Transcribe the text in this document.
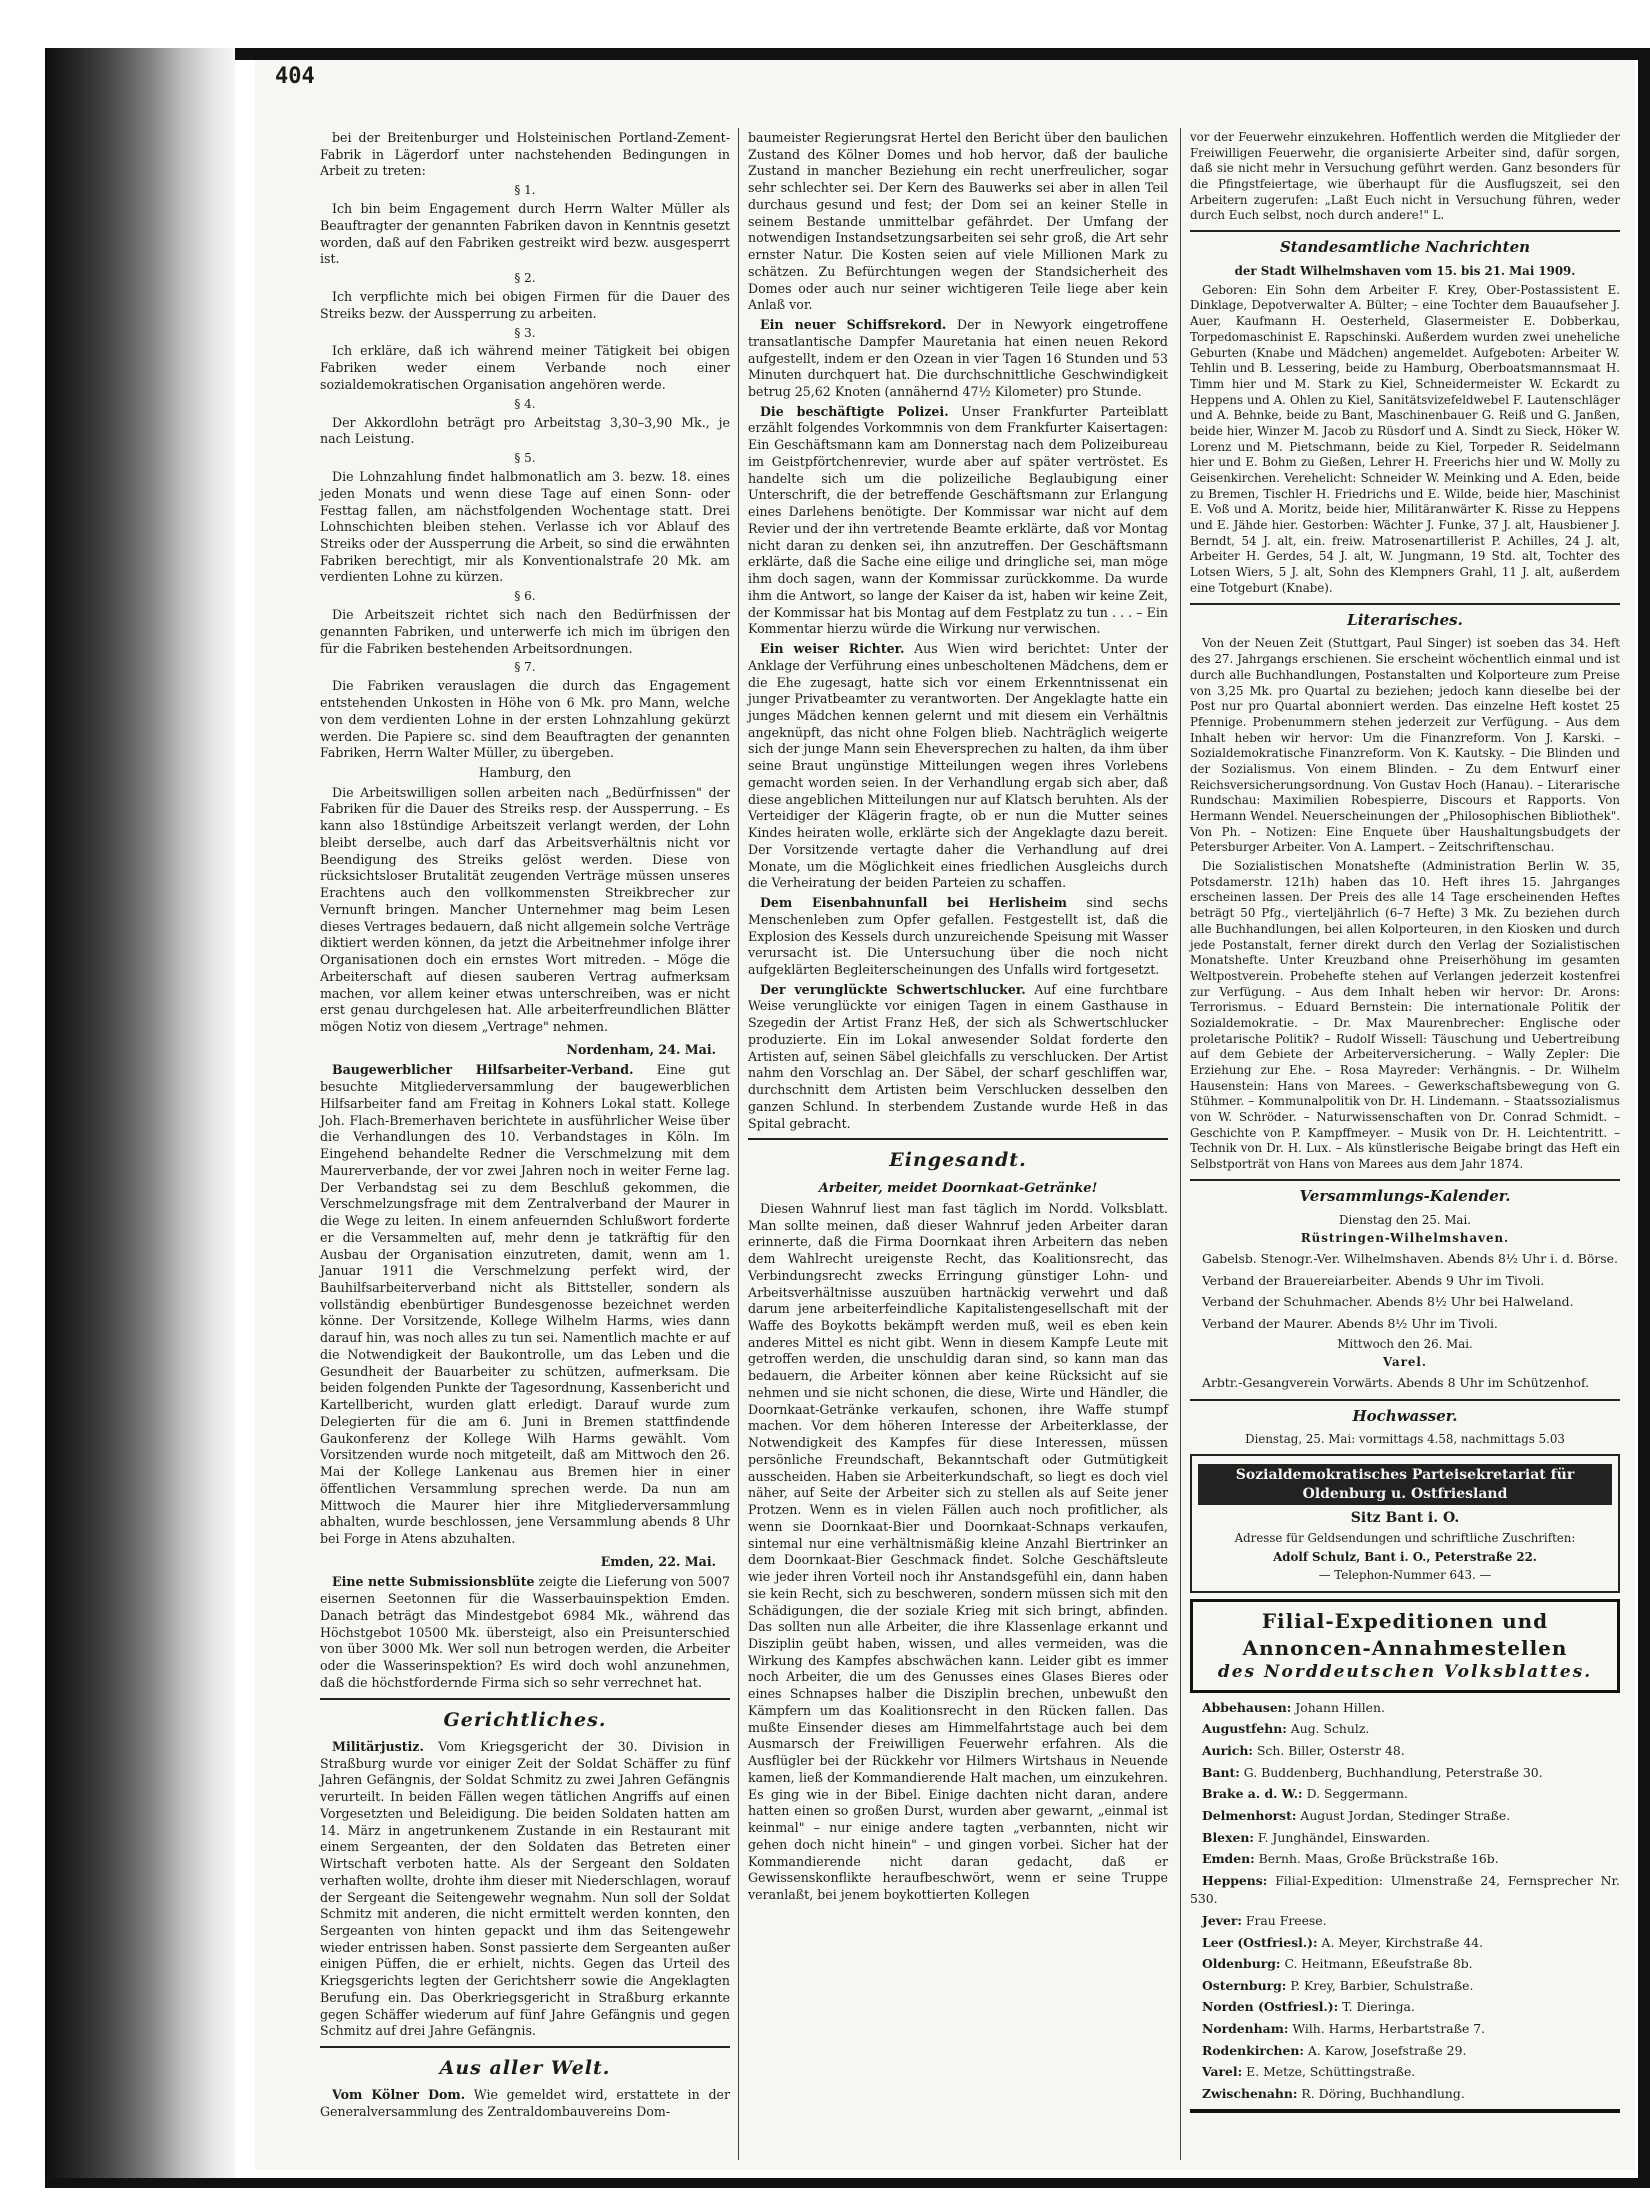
404

bei der Breitenburger und Holsteinischen Portland-Zement-Fabrik in Lägerdorf unter nachstehenden Bedingungen in Arbeit zu treten:

§ 1.

Ich bin beim Engagement durch Herrn Walter Müller als Beauftragter der genannten Fabriken davon in Kenntnis gesetzt worden, daß auf den Fabriken gestreikt wird bezw. ausgesperrt ist.

§ 2.

Ich verpflichte mich bei obigen Firmen für die Dauer des Streiks bezw. der Aussperrung zu arbeiten.

§ 3.

Ich erkläre, daß ich während meiner Tätigkeit bei obigen Fabriken weder einem Verbande noch einer sozialdemokratischen Organisation angehören werde.

§ 4.

Der Akkordlohn beträgt pro Arbeitstag 3,30–3,90 Mk., je nach Leistung.

§ 5.

Die Lohnzahlung findet halbmonatlich am 3. bezw. 18. eines jeden Monats und wenn diese Tage auf einen Sonn- oder Festtag fallen, am nächstfolgenden Wochentage statt. Drei Lohnschichten bleiben stehen. Verlasse ich vor Ablauf des Streiks oder der Aussperrung die Arbeit, so sind die erwähnten Fabriken berechtigt, mir als Konventionalstrafe 20 Mk. am verdienten Lohne zu kürzen.

§ 6.

Die Arbeitszeit richtet sich nach den Bedürfnissen der genannten Fabriken, und unterwerfe ich mich im übrigen den für die Fabriken bestehenden Arbeitsordnungen.

§ 7.

Die Fabriken verauslagen die durch das Engagement entstehenden Unkosten in Höhe von 6 Mk. pro Mann, welche von dem verdienten Lohne in der ersten Lohnzahlung gekürzt werden. Die Papiere sc. sind dem Beauftragten der genannten Fabriken, Herrn Walter Müller, zu übergeben.

Hamburg, den

Die Arbeitswilligen sollen arbeiten nach „Bedürfnissen" der Fabriken für die Dauer des Streiks resp. der Aussperrung. – Es kann also 18stündige Arbeitszeit verlangt werden, der Lohn bleibt derselbe, auch darf das Arbeitsverhältnis nicht vor Beendigung des Streiks gelöst werden. Diese von rücksichtsloser Brutalität zeugenden Verträge müssen unseres Erachtens auch den vollkommensten Streikbrecher zur Vernunft bringen. Mancher Unternehmer mag beim Lesen dieses Vertrages bedauern, daß nicht allgemein solche Verträge diktiert werden können, da jetzt die Arbeitnehmer infolge ihrer Organisationen doch ein ernstes Wort mitreden. – Möge die Arbeiterschaft auf diesen sauberen Vertrag aufmerksam machen, vor allem keiner etwas unterschreiben, was er nicht erst genau durchgelesen hat. Alle arbeiterfreundlichen Blätter mögen Notiz von diesem „Vertrage" nehmen.

Nordenham, 24. Mai.

Baugewerblicher Hilfsarbeiter-Verband. Eine gut besuchte Mitgliederversammlung der baugewerblichen Hilfsarbeiter fand am Freitag in Kohners Lokal statt. Kollege Joh. Flach-Bremerhaven berichtete in ausführlicher Weise über die Verhandlungen des 10. Verbandstages in Köln. Im Eingehend behandelte Redner die Verschmelzung mit dem Maurerverbande, der vor zwei Jahren noch in weiter Ferne lag. Der Verbandstag sei zu dem Beschluß gekommen, die Verschmelzungsfrage mit dem Zentralverband der Maurer in die Wege zu leiten. In einem anfeuernden Schlußwort forderte er die Versammelten auf, mehr denn je tatkräftig für den Ausbau der Organisation einzutreten, damit, wenn am 1. Januar 1911 die Verschmelzung perfekt wird, der Bauhilfsarbeiterverband nicht als Bittsteller, sondern als vollständig ebenbürtiger Bundesgenosse bezeichnet werden könne. Der Vorsitzende, Kollege Wilhelm Harms, wies dann darauf hin, was noch alles zu tun sei. Namentlich machte er auf die Notwendigkeit der Baukontrolle, um das Leben und die Gesundheit der Bauarbeiter zu schützen, aufmerksam. Die beiden folgenden Punkte der Tagesordnung, Kassenbericht und Kartellbericht, wurden glatt erledigt. Darauf wurde zum Delegierten für die am 6. Juni in Bremen stattfindende Gaukonferenz der Kollege Wilh Harms gewählt. Vom Vorsitzenden wurde noch mitgeteilt, daß am Mittwoch den 26. Mai der Kollege Lankenau aus Bremen hier in einer öffentlichen Versammlung sprechen werde. Da nun am Mittwoch die Maurer hier ihre Mitgliederversammlung abhalten, wurde beschlossen, jene Versammlung abends 8 Uhr bei Forge in Atens abzuhalten.

Emden, 22. Mai.

Eine nette Submissionsblüte zeigte die Lieferung von 5007 eisernen Seetonnen für die Wasserbauinspektion Emden. Danach beträgt das Mindestgebot 6984 Mk., während das Höchstgebot 10500 Mk. übersteigt, also ein Preisunterschied von über 3000 Mk. Wer soll nun betrogen werden, die Arbeiter oder die Wasserinspektion? Es wird doch wohl anzunehmen, daß die höchstfordernde Firma sich so sehr verrechnet hat.

Gerichtliches.

Militärjustiz. Vom Kriegsgericht der 30. Division in Straßburg wurde vor einiger Zeit der Soldat Schäffer zu fünf Jahren Gefängnis, der Soldat Schmitz zu zwei Jahren Gefängnis verurteilt. In beiden Fällen wegen tätlichen Angriffs auf einen Vorgesetzten und Beleidigung. Die beiden Soldaten hatten am 14. März in angetrunkenem Zustande in ein Restaurant mit einem Sergeanten, der den Soldaten das Betreten einer Wirtschaft verboten hatte. Als der Sergeant den Soldaten verhaften wollte, drohte ihm dieser mit Niederschlagen, worauf der Sergeant die Seitengewehr wegnahm. Nun soll der Soldat Schmitz mit anderen, die nicht ermittelt werden konnten, den Sergeanten von hinten gepackt und ihm das Seitengewehr wieder entrissen haben. Sonst passierte dem Sergeanten außer einigen Püffen, die er erhielt, nichts. Gegen das Urteil des Kriegsgerichts legten der Gerichtsherr sowie die Angeklagten Berufung ein. Das Oberkriegsgericht in Straßburg erkannte gegen Schäffer wiederum auf fünf Jahre Gefängnis und gegen Schmitz auf drei Jahre Gefängnis.

Aus aller Welt.

Vom Kölner Dom. Wie gemeldet wird, erstattete in der Generalversammlung des Zentraldombauvereins Dom-

baumeister Regierungsrat Hertel den Bericht über den baulichen Zustand des Kölner Domes und hob hervor, daß der bauliche Zustand in mancher Beziehung ein recht unerfreulicher, sogar sehr schlechter sei. Der Kern des Bauwerks sei aber in allen Teil durchaus gesund und fest; der Dom sei an keiner Stelle in seinem Bestande unmittelbar gefährdet. Der Umfang der notwendigen Instandsetzungsarbeiten sei sehr groß, die Art sehr ernster Natur. Die Kosten seien auf viele Millionen Mark zu schätzen. Zu Befürchtungen wegen der Standsicherheit des Domes oder auch nur seiner wichtigeren Teile liege aber kein Anlaß vor.

Ein neuer Schiffsrekord. Der in Newyork eingetroffene transatlantische Dampfer Mauretania hat einen neuen Rekord aufgestellt, indem er den Ozean in vier Tagen 16 Stunden und 53 Minuten durchquert hat. Die durchschnittliche Geschwindigkeit betrug 25,62 Knoten (annähernd 47½ Kilometer) pro Stunde.

Die beschäftigte Polizei. Unser Frankfurter Parteiblatt erzählt folgendes Vorkommnis von dem Frankfurter Kaisertagen: Ein Geschäftsmann kam am Donnerstag nach dem Polizeibureau im Geistpförtchenrevier, wurde aber auf später vertröstet. Es handelte sich um die polizeiliche Beglaubigung einer Unterschrift, die der betreffende Geschäftsmann zur Erlangung eines Darlehens benötigte. Der Kommissar war nicht auf dem Revier und der ihn vertretende Beamte erklärte, daß vor Montag nicht daran zu denken sei, ihn anzutreffen. Der Geschäftsmann erklärte, daß die Sache eine eilige und dringliche sei, man möge ihm doch sagen, wann der Kommissar zurückkomme. Da wurde ihm die Antwort, so lange der Kaiser da ist, haben wir keine Zeit, der Kommissar hat bis Montag auf dem Festplatz zu tun . . . – Ein Kommentar hierzu würde die Wirkung nur verwischen.

Ein weiser Richter. Aus Wien wird berichtet: Unter der Anklage der Verführung eines unbescholtenen Mädchens, dem er die Ehe zugesagt, hatte sich vor einem Erkenntnissenat ein junger Privatbeamter zu verantworten. Der Angeklagte hatte ein junges Mädchen kennen gelernt und mit diesem ein Verhältnis angeknüpft, das nicht ohne Folgen blieb. Nachträglich weigerte sich der junge Mann sein Eheversprechen zu halten, da ihm über seine Braut ungünstige Mitteilungen wegen ihres Vorlebens gemacht worden seien. In der Verhandlung ergab sich aber, daß diese angeblichen Mitteilungen nur auf Klatsch beruhten. Als der Verteidiger der Klägerin fragte, ob er nun die Mutter seines Kindes heiraten wolle, erklärte sich der Angeklagte dazu bereit. Der Vorsitzende vertagte daher die Verhandlung auf drei Monate, um die Möglichkeit eines friedlichen Ausgleichs durch die Verheiratung der beiden Parteien zu schaffen.

Dem Eisenbahnunfall bei Herlisheim sind sechs Menschenleben zum Opfer gefallen. Festgestellt ist, daß die Explosion des Kessels durch unzureichende Speisung mit Wasser verursacht ist. Die Untersuchung über die noch nicht aufgeklärten Begleiterscheinungen des Unfalls wird fortgesetzt.

Der verunglückte Schwertschlucker. Auf eine furchtbare Weise verunglückte vor einigen Tagen in einem Gasthause in Szegedin der Artist Franz Heß, der sich als Schwertschlucker produzierte. Ein im Lokal anwesender Soldat forderte den Artisten auf, seinen Säbel gleichfalls zu verschlucken. Der Artist nahm den Vorschlag an. Der Säbel, der scharf geschliffen war, durchschnitt dem Artisten beim Verschlucken desselben den ganzen Schlund. In sterbendem Zustande wurde Heß in das Spital gebracht.

Eingesandt.

Arbeiter, meidet Doornkaat-Getränke!

Diesen Wahnruf liest man fast täglich im Nordd. Volksblatt. Man sollte meinen, daß dieser Wahnruf jeden Arbeiter daran erinnerte, daß die Firma Doornkaat ihren Arbeitern das neben dem Wahlrecht ureigenste Recht, das Koalitionsrecht, das Verbindungsrecht zwecks Erringung günstiger Lohn- und Arbeitsverhältnisse auszuüben hartnäckig verwehrt und daß darum jene arbeiterfeindliche Kapitalistengesellschaft mit der Waffe des Boykotts bekämpft werden muß, weil es eben kein anderes Mittel es nicht gibt. Wenn in diesem Kampfe Leute mit getroffen werden, die unschuldig daran sind, so kann man das bedauern, die Arbeiter können aber keine Rücksicht auf sie nehmen und sie nicht schonen, die diese, Wirte und Händler, die Doornkaat-Getränke verkaufen, schonen, ihre Waffe stumpf machen. Vor dem höheren Interesse der Arbeiterklasse, der Notwendigkeit des Kampfes für diese Interessen, müssen persönliche Freundschaft, Bekanntschaft oder Gutmütigkeit ausscheiden. Haben sie Arbeiterkundschaft, so liegt es doch viel näher, auf Seite der Arbeiter sich zu stellen als auf Seite jener Protzen. Wenn es in vielen Fällen auch noch profitlicher, als wenn sie Doornkaat-Bier und Doornkaat-Schnaps verkaufen, sintemal nur eine verhältnismäßig kleine Anzahl Biertrinker an dem Doornkaat-Bier Geschmack findet. Solche Geschäftsleute wie jeder ihren Vorteil noch ihr Anstandsgefühl ein, dann haben sie kein Recht, sich zu beschweren, sondern müssen sich mit den Schädigungen, die der soziale Krieg mit sich bringt, abfinden. Das sollten nun alle Arbeiter, die ihre Klassenlage erkannt und Disziplin geübt haben, wissen, und alles vermeiden, was die Wirkung des Kampfes abschwächen kann. Leider gibt es immer noch Arbeiter, die um des Genusses eines Glases Bieres oder eines Schnapses halber die Disziplin brechen, unbewußt den Kämpfern um das Koalitionsrecht in den Rücken fallen. Das mußte Einsender dieses am Himmelfahrtstage auch bei dem Ausmarsch der Freiwilligen Feuerwehr erfahren. Als die Ausflügler bei der Rückkehr vor Hilmers Wirtshaus in Neuende kamen, ließ der Kommandierende Halt machen, um einzukehren. Es ging wie in der Bibel. Einige dachten nicht daran, andere hatten einen so großen Durst, wurden aber gewarnt, „einmal ist keinmal" – nur einige andere tagten „verbannten, nicht wir gehen doch nicht hinein" – und gingen vorbei. Sicher hat der Kommandierende nicht daran gedacht, daß er Gewissenskonflikte heraufbeschwört, wenn er seine Truppe veranlaßt, bei jenem boykottierten Kollegen

vor der Feuerwehr einzukehren. Hoffentlich werden die Mitglieder der Freiwilligen Feuerwehr, die organisierte Arbeiter sind, dafür sorgen, daß sie nicht mehr in Versuchung geführt werden. Ganz besonders für die Pfingstfeiertage, wie überhaupt für die Ausflugszeit, sei den Arbeitern zugerufen: „Laßt Euch nicht in Versuchung führen, weder durch Euch selbst, noch durch andere!" L.

Standesamtliche Nachrichten

der Stadt Wilhelmshaven vom 15. bis 21. Mai 1909.

Geboren: Ein Sohn dem Arbeiter F. Krey, Ober-Postassistent E. Dinklage, Depotverwalter A. Bülter; – eine Tochter dem Bauaufseher J. Auer, Kaufmann H. Oesterheld, Glasermeister E. Dobberkau, Torpedomaschinist E. Rapschinski. Außerdem wurden zwei uneheliche Geburten (Knabe und Mädchen) angemeldet. Aufgeboten: Arbeiter W. Tehlin und B. Lessering, beide zu Hamburg, Oberboatsmannsmaat H. Timm hier und M. Stark zu Kiel, Schneidermeister W. Eckardt zu Heppens und A. Ohlen zu Kiel, Sanitätsvizefeldwebel F. Lautenschläger und A. Behnke, beide zu Bant, Maschinenbauer G. Reiß und G. Janßen, beide hier, Winzer M. Jacob zu Rüsdorf und A. Sindt zu Sieck, Höker W. Lorenz und M. Pietschmann, beide zu Kiel, Torpeder R. Seidelmann hier und E. Bohm zu Gießen, Lehrer H. Freerichs hier und W. Molly zu Geisenkirchen. Verehelicht: Schneider W. Meinking und A. Eden, beide zu Bremen, Tischler H. Friedrichs und E. Wilde, beide hier, Maschinist E. Voß und A. Moritz, beide hier, Militäranwärter K. Risse zu Heppens und E. Jähde hier. Gestorben: Wächter J. Funke, 37 J. alt, Hausbiener J. Berndt, 54 J. alt, ein. freiw. Matrosenartillerist P. Achilles, 24 J. alt, Arbeiter H. Gerdes, 54 J. alt, W. Jungmann, 19 Std. alt, Tochter des Lotsen Wiers, 5 J. alt, Sohn des Klempners Grahl, 11 J. alt, außerdem eine Totgeburt (Knabe).

Literarisches.

Von der Neuen Zeit (Stuttgart, Paul Singer) ist soeben das 34. Heft des 27. Jahrgangs erschienen. Sie erscheint wöchentlich einmal und ist durch alle Buchhandlungen, Postanstalten und Kolporteure zum Preise von 3,25 Mk. pro Quartal zu beziehen; jedoch kann dieselbe bei der Post nur pro Quartal abonniert werden. Das einzelne Heft kostet 25 Pfennige. Probenummern stehen jederzeit zur Verfügung. – Aus dem Inhalt heben wir hervor: Um die Finanzreform. Von J. Karski. – Sozialdemokratische Finanzreform. Von K. Kautsky. – Die Blinden und der Sozialismus. Von einem Blinden. – Zu dem Entwurf einer Reichsversicherungsordnung. Von Gustav Hoch (Hanau). – Literarische Rundschau: Maximilien Robespierre, Discours et Rapports. Von Hermann Wendel. Neuerscheinungen der „Philosophischen Bibliothek". Von Ph. – Notizen: Eine Enquete über Haushaltungsbudgets der Petersburger Arbeiter. Von A. Lampert. – Zeitschriftenschau.

Die Sozialistischen Monatshefte (Administration Berlin W. 35, Potsdamerstr. 121h) haben das 10. Heft ihres 15. Jahrganges erscheinen lassen. Der Preis des alle 14 Tage erscheinenden Heftes beträgt 50 Pfg., vierteljährlich (6–7 Hefte) 3 Mk. Zu beziehen durch alle Buchhandlungen, bei allen Kolporteuren, in den Kiosken und durch jede Postanstalt, ferner direkt durch den Verlag der Sozialistischen Monatshefte. Unter Kreuzband ohne Preiserhöhung im gesamten Weltpostverein. Probehefte stehen auf Verlangen jederzeit kostenfrei zur Verfügung. – Aus dem Inhalt heben wir hervor: Dr. Arons: Terrorismus. – Eduard Bernstein: Die internationale Politik der Sozialdemokratie. – Dr. Max Maurenbrecher: Englische oder proletarische Politik? – Rudolf Wissell: Täuschung und Uebertreibung auf dem Gebiete der Arbeiterversicherung. – Wally Zepler: Die Erziehung zur Ehe. – Rosa Mayreder: Verhängnis. – Dr. Wilhelm Hausenstein: Hans von Marees. – Gewerkschaftsbewegung von G. Stühmer. – Kommunalpolitik von Dr. H. Lindemann. – Staatssozialismus von W. Schröder. – Naturwissenschaften von Dr. Conrad Schmidt. – Geschichte von P. Kampffmeyer. – Musik von Dr. H. Leichtentritt. – Technik von Dr. H. Lux. – Als künstlerische Beigabe bringt das Heft ein Selbstporträt von Hans von Marees aus dem Jahr 1874.

Versammlungs-Kalender.

Dienstag den 25. Mai.

Rüstringen-Wilhelmshaven.

Gabelsb. Stenogr.-Ver. Wilhelmshaven. Abends 8½ Uhr i. d. Börse.

Verband der Brauereiarbeiter. Abends 9 Uhr im Tivoli.

Verband der Schuhmacher. Abends 8½ Uhr bei Halweland.

Verband der Maurer. Abends 8½ Uhr im Tivoli.

Mittwoch den 26. Mai.

Varel.

Arbtr.-Gesangverein Vorwärts. Abends 8 Uhr im Schützenhof.

Hochwasser.

Dienstag, 25. Mai: vormittags 4.58, nachmittags 5.03

Sozialdemokratisches Parteisekretariat für Oldenburg u. Ostfriesland

Sitz Bant i. O.

Adresse für Geldsendungen und schriftliche Zuschriften:

Adolf Schulz, Bant i. O., Peterstraße 22.

— Telephon-Nummer 643. —

Filial-Expeditionen und Annoncen-Annahmestellen
des Norddeutschen Volksblattes.

Abbehausen: Johann Hillen.

Augustfehn: Aug. Schulz.

Aurich: Sch. Biller, Osterstr 48.

Bant: G. Buddenberg, Buchhandlung, Peterstraße 30.

Brake a. d. W.: D. Seggermann.

Delmenhorst: August Jordan, Stedinger Straße.

Blexen: F. Junghändel, Einswarden.

Emden: Bernh. Maas, Große Brückstraße 16b.

Heppens: Filial-Expedition: Ulmenstraße 24, Fernsprecher Nr. 530.

Jever: Frau Freese.

Leer (Ostfriesl.): A. Meyer, Kirchstraße 44.

Oldenburg: C. Heitmann, Eßeufstraße 8b.

Osternburg: P. Krey, Barbier, Schulstraße.

Norden (Ostfriesl.): T. Dieringa.

Nordenham: Wilh. Harms, Herbartstraße 7.

Rodenkirchen: A. Karow, Josefstraße 29.

Varel: E. Metze, Schüttingstraße.

Zwischenahn: R. Döring, Buchhandlung.
